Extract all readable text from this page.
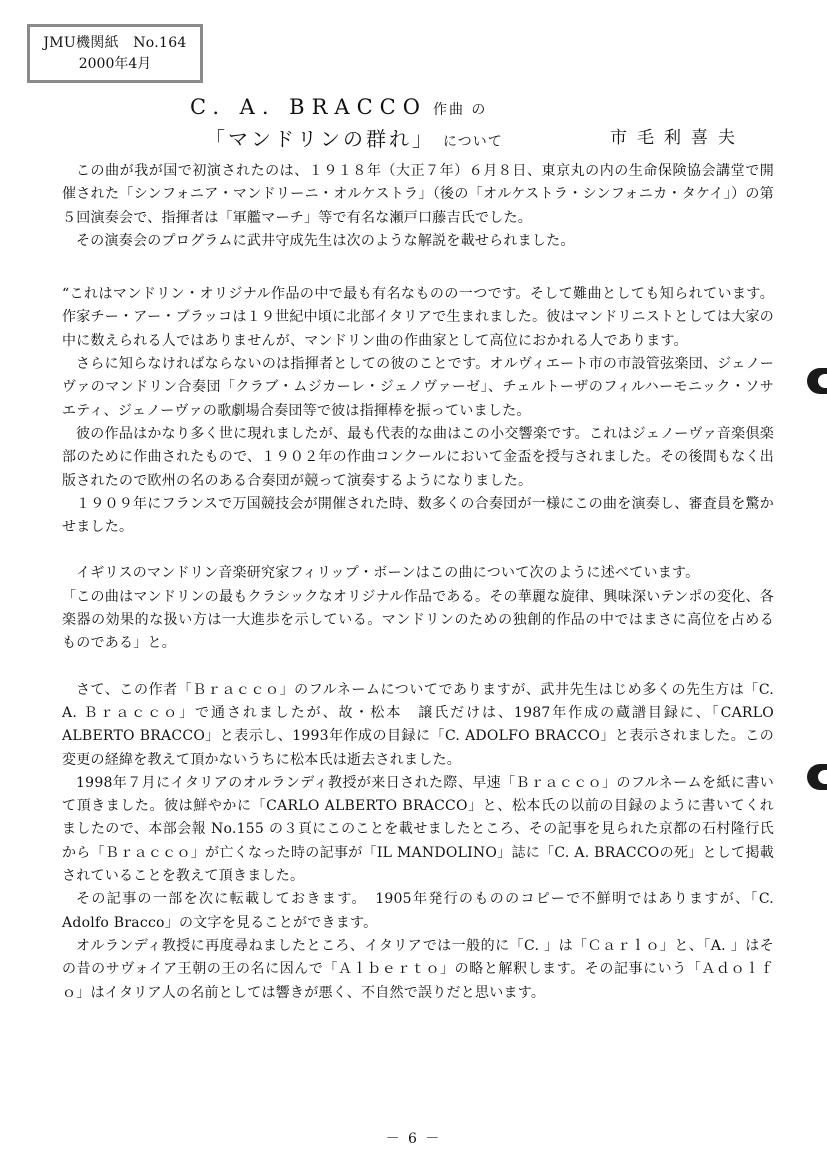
JMU機関紙　No.164
2000年4月
C. A. BRACCO 作曲 の
「マンドリンの群れ」 について	市毛利喜夫

この曲が我が国で初演されたのは、１９１８年（大正７年）６月８日、東京丸の内の生命保険協会講堂で開催された「シンフォニア・マンドリーニ・オルケストラ」（後の「オルケストラ・シンフォニカ・タケイ」）の第５回演奏会で、指揮者は「軍艦マーチ」等で有名な瀬戸口藤吉氏でした。

その演奏会のプログラムに武井守成先生は次のような解説を載せられました。

“これはマンドリン・オリジナル作品の中で最も有名なものの一つです。そして難曲としても知られています。作家チー・アー・ブラッコは１９世紀中頃に北部イタリアで生まれました。彼はマンドリニストとしては大家の中に数えられる人ではありませんが、マンドリン曲の作曲家として高位におかれる人であります。

さらに知らなければならないのは指揮者としての彼のことです。オルヴィエート市の市設管弦楽団、ジェノーヴァのマンドリン合奏団「クラブ・ムジカーレ・ジェノヴァーゼ」、チェルトーザのフィルハーモニック・ソサエティ、ジェノーヴァの歌劇場合奏団等で彼は指揮棒を振っていました。

彼の作品はかなり多く世に現れましたが、最も代表的な曲はこの小交響楽です。これはジェノーヴァ音楽倶楽部のために作曲されたもので、１９０２年の作曲コンクールにおいて金盃を授与されました。その後間もなく出版されたので欧州の名のある合奏団が競って演奏するようになりました。

１９０９年にフランスで万国競技会が開催された時、数多くの合奏団が一様にこの曲を演奏し、審査員を驚かせました。

イギリスのマンドリン音楽研究家フィリップ・ボーンはこの曲について次のように述べています。

「この曲はマンドリンの最もクラシックなオリジナル作品である。その華麗な旋律、興味深いテンポの変化、各楽器の効果的な扱い方は一大進歩を示している。マンドリンのための独創的作品の中ではまさに高位を占めるものである」と。

さて、この作者「Ｂｒａｃｃｏ」のフルネームについてでありますが、武井先生はじめ多くの先生方は「C. A. Ｂｒａｃｃｏ」で通されましたが、故・松本　譲氏だけは、1987年作成の蔵譜目録に、「CARLO ALBERTO BRACCO」と表示し、1993年作成の目録に「C. ADOLFO BRACCO」と表示されました。この変更の経緯を教えて頂かないうちに松本氏は逝去されました。

1998年７月にイタリアのオルランディ教授が来日された際、早速「Ｂｒａｃｃｏ」のフルネームを紙に書いて頂きました。彼は鮮やかに「CARLO ALBERTO BRACCO」と、松本氏の以前の目録のように書いてくれましたので、本部会報 No.155 の３頁にこのことを載せましたところ、その記事を見られた京都の石村隆行氏から「Ｂｒａｃｃｏ」が亡くなった時の記事が「IL MANDOLINO」誌に「C. A. BRACCOの死」として掲載されていることを教えて頂きました。

その記事の一部を次に転載しておきます。　1905年発行のもののコピーで不鮮明ではありますが、「C. Adolfo Bracco」の文字を見ることができます。

オルランディ教授に再度尋ねましたところ、イタリアでは一般的に「C. 」は「Ｃａｒｌｏ」と、「A. 」はその昔のサヴォイア王朝の王の名に因んで「Ａｌｂｅｒｔｏ」の略と解釈します。その記事にいう「Ａｄｏｌｆｏ」はイタリア人の名前としては響きが悪く、不自然で誤りだと思います。

－ 6 －
